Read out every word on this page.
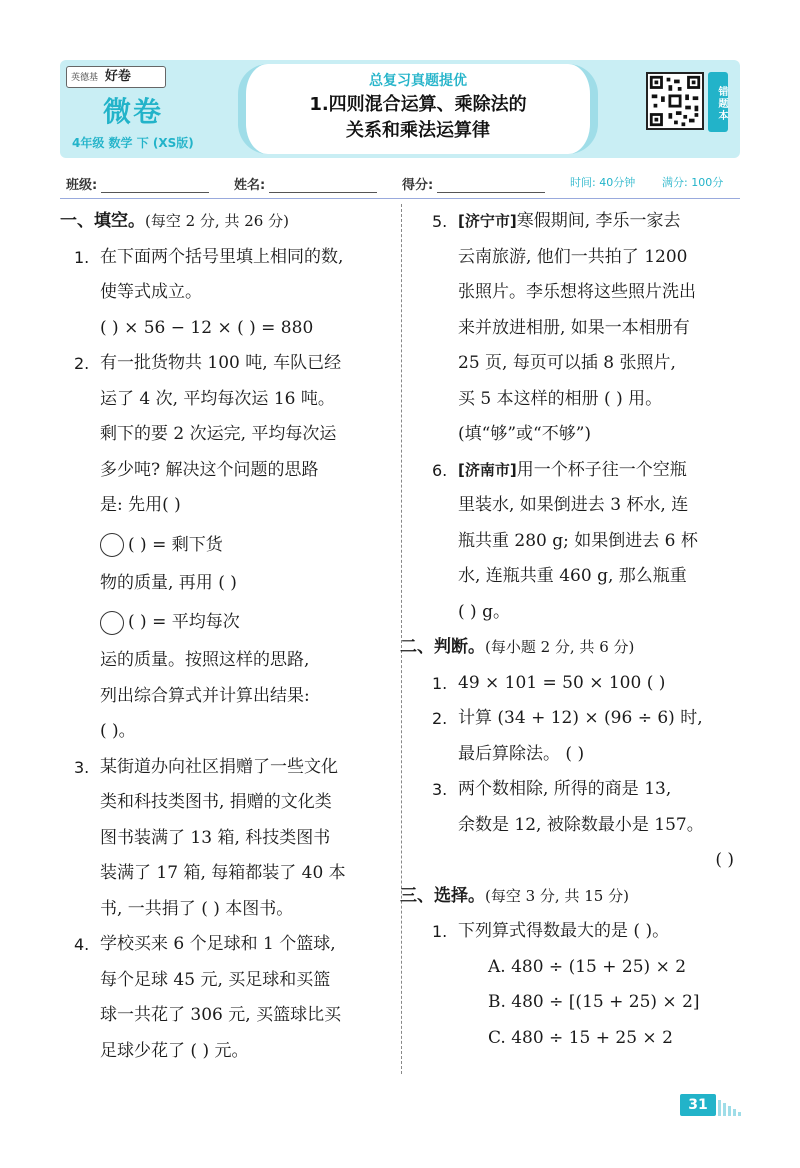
英德基 好卷
微卷
4年级 数学 下 (XS版)
总复习真题提优
1.四则混合运算、乘除法的
关系和乘法运算律
错题本
班级:	姓名:	得分:	时间: 40分钟 满分: 100分
一、填空。(每空 2 分, 共 26 分)
1. 在下面两个括号里填上相同的数,
使等式成立。
( ) × 56 − 12 × ( ) = 880
2. 有一批货物共 100 吨, 车队已经
运了 4 次, 平均每次运 16 吨。
剩下的要 2 次运完, 平均每次运
多少吨? 解决这个问题的思路
是: 先用( )
( ) = 剩下货
物的质量, 再用 ( )
( ) = 平均每次
运的质量。按照这样的思路,
列出综合算式并计算出结果:
( )。
3. 某街道办向社区捐赠了一些文化
类和科技类图书, 捐赠的文化类
图书装满了 13 箱, 科技类图书
装满了 17 箱, 每箱都装了 40 本
书, 一共捐了 ( ) 本图书。
4. 学校买来 6 个足球和 1 个篮球,
每个足球 45 元, 买足球和买篮
球一共花了 306 元, 买篮球比买
足球少花了 ( ) 元。
5. [济宁市]寒假期间, 李乐一家去
云南旅游, 他们一共拍了 1200
张照片。李乐想将这些照片洗出
来并放进相册, 如果一本相册有
25 页, 每页可以插 8 张照片,
买 5 本这样的相册 ( ) 用。
(填“够”或“不够”)
6. [济南市]用一个杯子往一个空瓶
里装水, 如果倒进去 3 杯水, 连
瓶共重 280 g; 如果倒进去 6 杯
水, 连瓶共重 460 g, 那么瓶重
( ) g。
二、判断。(每小题 2 分, 共 6 分)
1. 49 × 101 = 50 × 100 ( )
2. 计算 (34 + 12) × (96 ÷ 6) 时,
最后算除法。 ( )
3. 两个数相除, 所得的商是 13,
余数是 12, 被除数最小是 157。
( )
三、选择。(每空 3 分, 共 15 分)
1. 下列算式得数最大的是 ( )。
A. 480 ÷ (15 + 25) × 2
B. 480 ÷ [(15 + 25) × 2]
C. 480 ÷ 15 + 25 × 2
31
